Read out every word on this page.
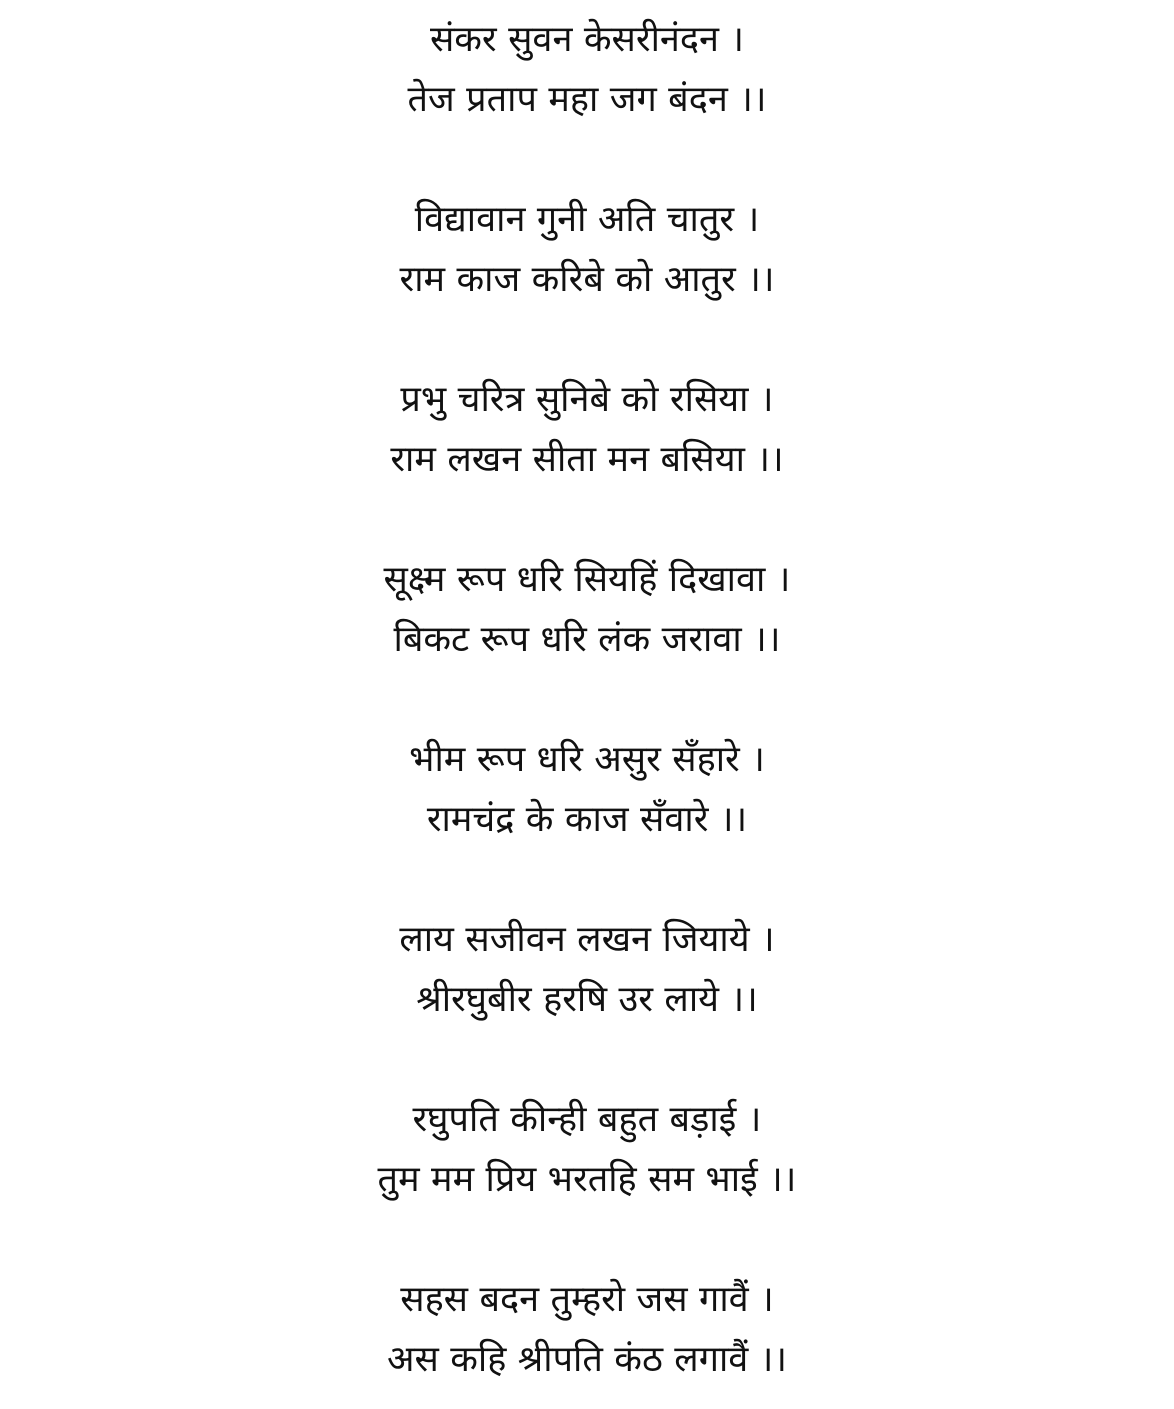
संकर सुवन केसरीनंदन ।
तेज प्रताप महा जग बंदन ।।
विद्यावान गुनी अति चातुर ।
राम काज करिबे को आतुर ।।
प्रभु चरित्र सुनिबे को रसिया ।
राम लखन सीता मन बसिया ।।
सूक्ष्म रूप धरि सियहिं दिखावा ।
बिकट रूप धरि लंक जरावा ।।
भीम रूप धरि असुर सँहारे ।
रामचंद्र के काज सँवारे ।।
लाय सजीवन लखन जियाये ।
श्रीरघुबीर हरषि उर लाये ।।
रघुपति कीन्ही बहुत बड़ाई ।
तुम मम प्रिय भरतहि सम भाई ।।
सहस बदन तुम्हरो जस गावैं ।
अस कहि श्रीपति कंठ लगावैं ।।
